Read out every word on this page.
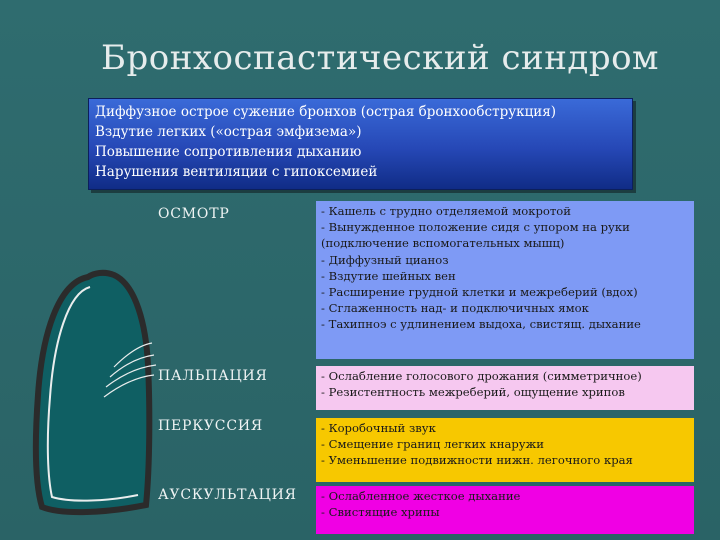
Бронхоспастический синдром
Диффузное острое сужение бронхов (острая бронхообструкция)
Вздутие легких («острая эмфизема»)
Повышение сопротивления дыханию
Нарушения вентиляции с гипоксемией
ОСМОТР	- Кашель с трудно отделяемой мокротой
- Вынужденное положение сидя с упором на руки
(подключение вспомогательных мышц)
- Диффузный цианоз
- Вздутие шейных вен
- Расширение грудной клетки и межреберий (вдох)
- Сглаженность над- и подключичных ямок
- Тахипноэ с удлинением выдоха, свистящ. дыхание
ПАЛЬПАЦИЯ	- Ослабление голосового дрожания (симметричное)
- Резистентность межреберий, ощущение хрипов
ПЕРКУССИЯ	- Коробочный звук
- Смещение границ легких кнаружи
- Уменьшение подвижности нижн. легочного края
АУСКУЛЬТАЦИЯ - Ослабленное жесткое дыхание
- Свистящие хрипы
